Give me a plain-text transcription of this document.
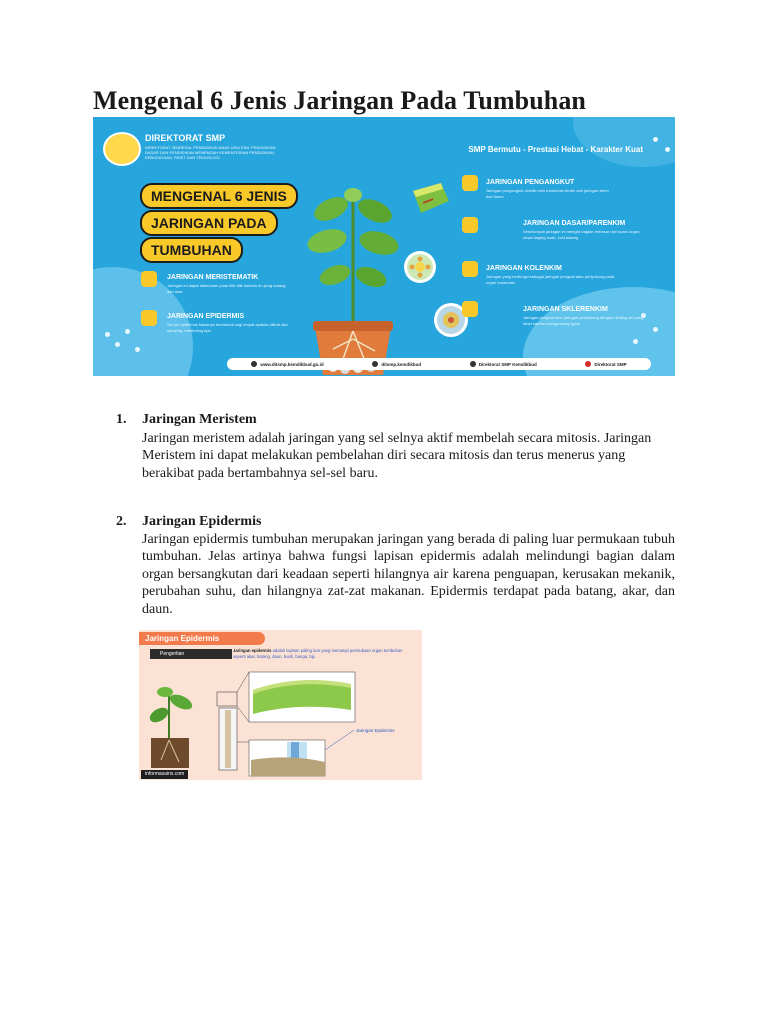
Mengenal 6 Jenis Jaringan Pada Tumbuhan
DIREKTORAT SMP
DIREKTORAT JENDERAL PENDIDIKAN ANAK USIA DINI, PENDIDIKAN DASAR DAN PENDIDIKAN MENENGAH KEMENTERIAN PENDIDIKAN, KEBUDAYAAN, RISET DAN TEKNOLOGI
SMP Bermutu - Prestasi Hebat - Karakter Kuat
MENGENAL 6 JENIS
JARINGAN PADA
TUMBUHAN
JARINGAN MERISTEMATIK
Jaringan ini dapat ditemukan pada titik-titik tumbuh di ujung batang dan akar
JARINGAN EPIDERMIS
Sel-sel epidermis biasanya berbentuk segi empat apabila dilihat dari samping, berdinding tipis
JARINGAN PENGANGKUT
Jaringan pengangkut dimiliki oleh tumbuhan terdiri dari jaringan xilem dan floem
JARINGAN DASAR/PARENKIM
Sekelompok jaringan ini mengisi bagian terbesar dari suatu organ, misal daging buah, kulit batang
JARINGAN KOLENKIM
Jaringan yang berfungsi sebagai jaringan penguat atau penyokong pada organ tumbuhan
JARINGAN SKLERENKIM
Jaringan penguat atau jaringan penyokong dengan dinding sel yang tebal karena mengandung lignin
www.ditsmp.kemdikbud.go.id	ditsmp.kemdikbud	Direktorat SMP Kemdikbud	Direktorat SMP
1. Jaringan Meristem

Jaringan meristem adalah jaringan yang sel selnya aktif membelah secara mitosis. Jaringan Meristem ini dapat melakukan pembelahan diri secara mitosis dan terus menerus yang berakibat pada bertambahnya sel-sel baru.

2. Jaringan Epidermis

Jaringan epidermis tumbuhan merupakan jaringan yang berada di paling luar permukaan tubuh tumbuhan. Jelas artinya bahwa fungsi lapisan epidermis adalah melindungi bagian dalam organ bersangkutan dari keadaan seperti hilangnya air karena penguapan, kerusakan mekanik, perubahan suhu, dan hilangnya zat-zat makanan. Epidermis terdapat pada batang, akar, dan daun.

Jaringan Epidermis
Pengertian
Jaringan epidermis adalah lapisan paling luar yang menutupi permukaan organ tumbuhan seperti akar, batang, daun, buah, bunga, biji.
Jaringan Epidermis
informasains.com
